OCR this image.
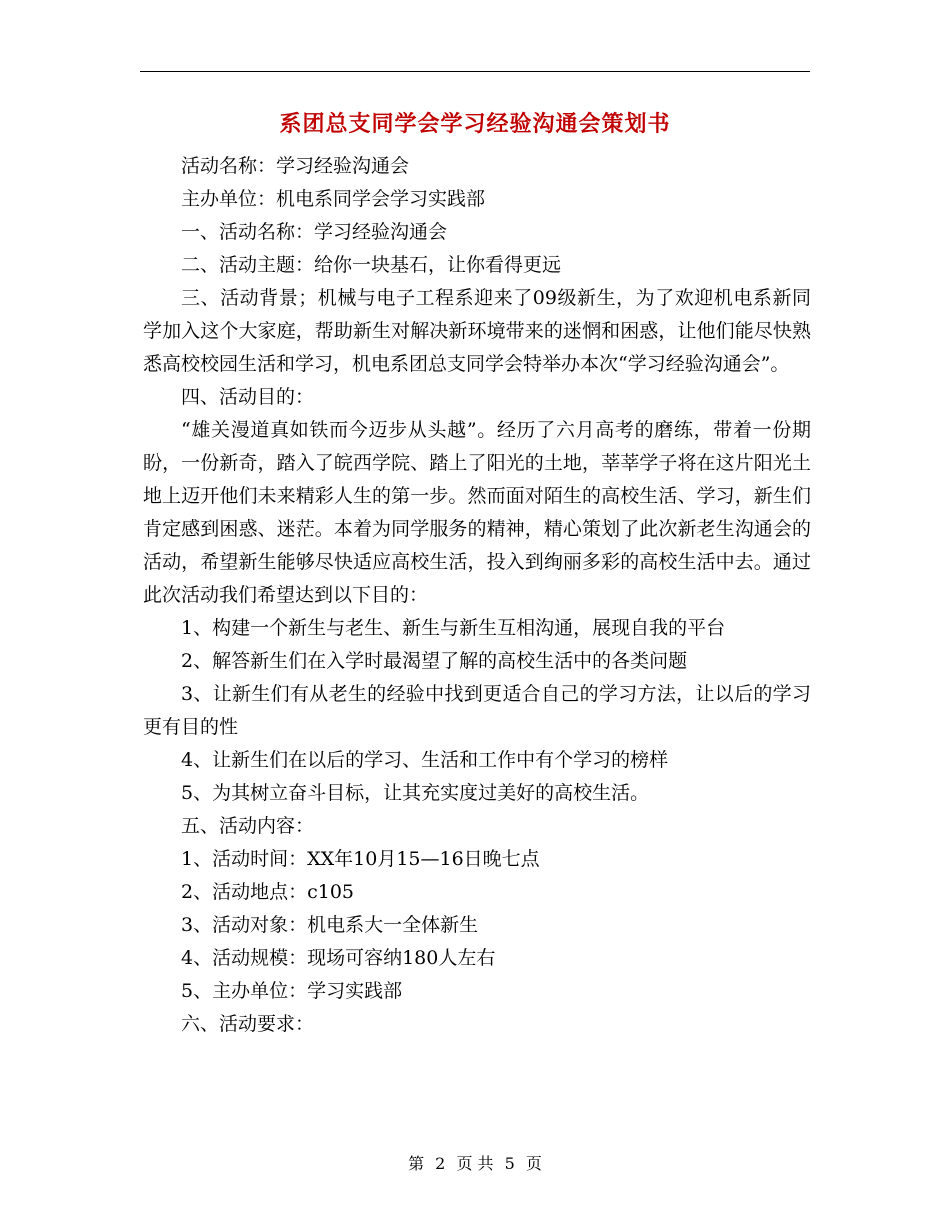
系团总支同学会学习经验沟通会策划书

活动名称：学习经验沟通会

主办单位：机电系同学会学习实践部

一、活动名称：学习经验沟通会

二、活动主题：给你一块基石，让你看得更远

三、活动背景；机械与电子工程系迎来了09级新生，为了欢迎机电系新同学加入这个大家庭，帮助新生对解决新环境带来的迷惘和困惑，让他们能尽快熟悉高校校园生活和学习，机电系团总支同学会特举办本次“学习经验沟通会”。

四、活动目的：

“雄关漫道真如铁而今迈步从头越”。经历了六月高考的磨练，带着一份期盼，一份新奇，踏入了皖西学院、踏上了阳光的土地，莘莘学子将在这片阳光土地上迈开他们未来精彩人生的第一步。然而面对陌生的高校生活、学习，新生们肯定感到困惑、迷茫。本着为同学服务的精神，精心策划了此次新老生沟通会的活动，希望新生能够尽快适应高校生活，投入到绚丽多彩的高校生活中去。通过此次活动我们希望达到以下目的：

1、构建一个新生与老生、新生与新生互相沟通，展现自我的平台

2、解答新生们在入学时最渴望了解的高校生活中的各类问题

3、让新生们有从老生的经验中找到更适合自己的学习方法，让以后的学习更有目的性

4、让新生们在以后的学习、生活和工作中有个学习的榜样

5、为其树立奋斗目标，让其充实度过美好的高校生活。

五、活动内容：

1、活动时间：XX年10月15—16日晚七点

2、活动地点：c105

3、活动对象：机电系大一全体新生

4、活动规模：现场可容纳180人左右

5、主办单位：学习实践部

六、活动要求：

第 2 页 共 5 页
